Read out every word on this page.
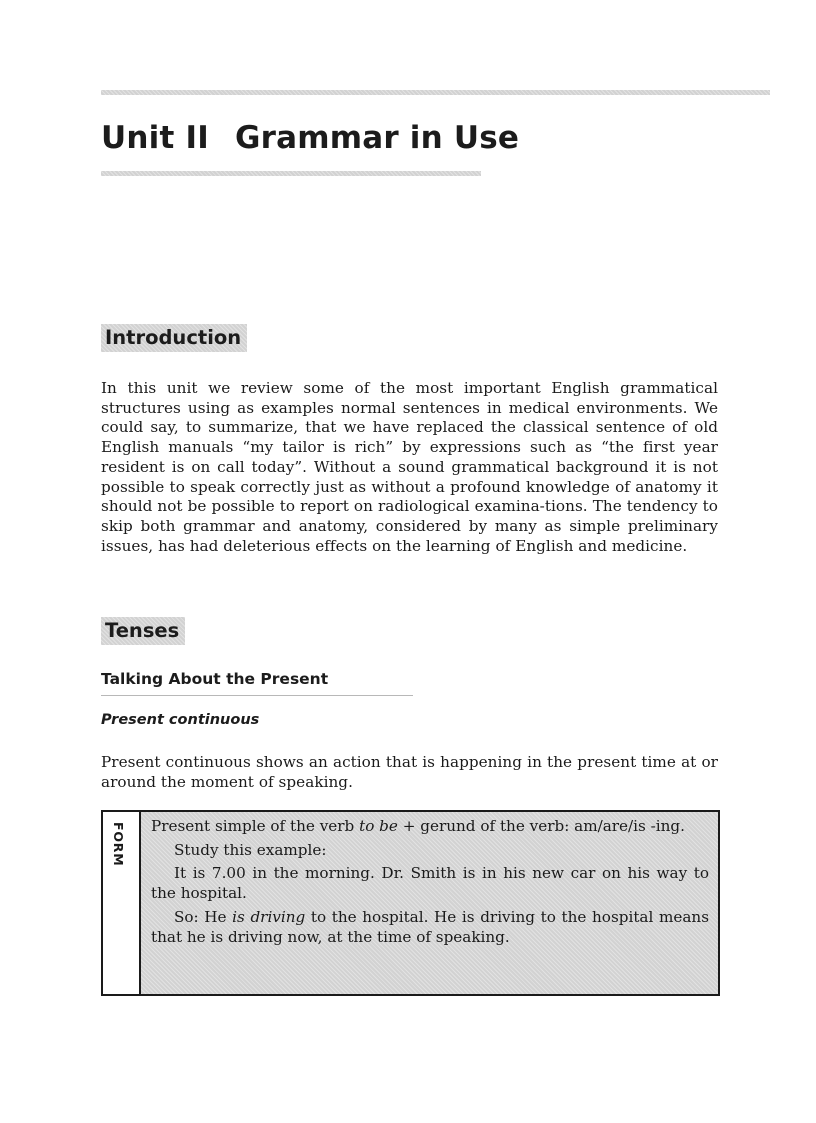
Unit II Grammar in Use
Introduction

In this unit we review some of the most important English grammatical structures using as examples normal sentences in medical environments. We could say, to summarize, that we have replaced the classical sentence of old English manuals “my tailor is rich” by expressions such as “the first year resident is on call today”. Without a sound grammatical background it is not possible to speak correctly just as without a profound knowledge of anatomy it should not be possible to report on radiological examina-tions. The tendency to skip both grammar and anatomy, considered by many as simple preliminary issues, has had deleterious effects on the learning of English and medicine.

Tenses
Talking About the Present
Present continuous

Present continuous shows an action that is happening in the present time at or around the moment of speaking.

FORM Present simple of the verb to be + gerund of the verb: am/are/is -ing.

Study this example:

It is 7.00 in the morning. Dr. Smith is in his new car on his way to the hospital.

So: He is driving to the hospital. He is driving to the hospital means that he is driving now, at the time of speaking.
